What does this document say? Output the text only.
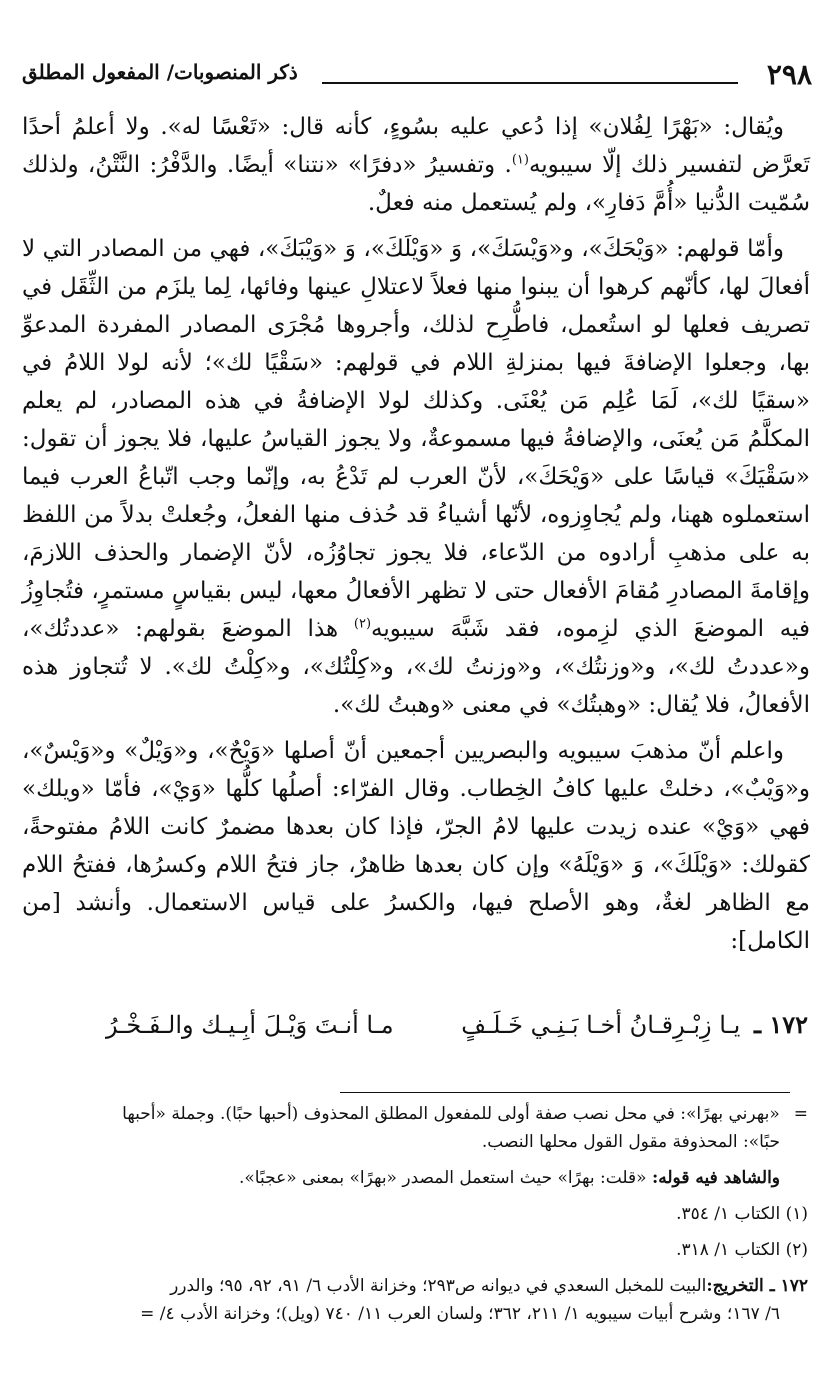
٢٩٨
ذكر المنصوبات/ المفعول المطلق

ويُقال: «بَهْرًا لِفُلان» إذا دُعي عليه بسُوءٍ، كأنه قال: «تَعْسًا له». ولا أعلمُ أحدًا تَعرَّض لتفسير ذلك إلّا سيبويه$^{(١)}$. وتفسيرُ «دفرًا» «نتنا» أيضًا. والدَّفْرُ: النَّتْنُ، ولذلك سُمّيت الدُّنيا «أُمَّ دَفارِ»، ولم يُستعمل منه فعلٌ.

وأمّا قولهم: «وَيْحَكَ»، و«وَيْسَكَ»، وَ «وَيْلَكَ»، وَ «وَيْبَكَ»، فهي من المصادر التي لا أفعالَ لها، كأنّهم كرهوا أن يبنوا منها فعلاً لاعتلالِ عينها وفائها، لِما يلزَم من الثِّقَل في تصريف فعلها لو استُعمل، فاطُّرِح لذلك، وأجروها مُجْرَى المصادر المفردة المدعوِّ بها، وجعلوا الإضافةَ فيها بمنزلةِ اللام في قولهم: «سَقْيًا لك»؛ لأنه لولا اللامُ في «سقيًا لك»، لَمَا عُلِم مَن يُعْنَى. وكذلك لولا الإضافةُ في هذه المصادر، لم يعلم المكلَّمُ مَن يُعنَى، والإضافةُ فيها مسموعةٌ، ولا يجوز القياسُ عليها، فلا يجوز أن تقول: «سَقْيَكَ» قياسًا على «وَيْحَكَ»، لأنّ العرب لم تَدْعُ به، وإنّما وجب اتّباعُ العرب فيما استعملوه ههنا، ولم يُجاوِزوه، لأنّها أشياءُ قد حُذف منها الفعلُ، وجُعلتْ بدلاً من اللفظ به على مذهبِ أرادوه من الدّعاء، فلا يجوز تجاوُزُه، لأنّ الإضمار والحذف اللازمَ، وإقامةَ المصادرِ مُقامَ الأفعال حتى لا تظهر الأفعالُ معها، ليس بقياسٍ مستمرٍ، فتُجاوِزُ فيه الموضعَ الذي لزِموه، فقد شَبَّهَ سيبويه$^{(٢)}$ هذا الموضعَ بقولهم: «عددتُك»، و«عددتُ لك»، و«وزنتُك»، و«وزنتُ لك»، و«كِلْتُك»، و«كِلْتُ لك». لا تُتجاوز هذه الأفعالُ، فلا يُقال: «وهبتُك» في معنى «وهبتُ لك».

واعلم أنّ مذهبَ سيبويه والبصريين أجمعين أنّ أصلها «وَيْحٌ»، و«وَيْلٌ» و«وَيْسٌ»، و«وَيْبٌ»، دخلتْ عليها كافُ الخِطاب. وقال الفرّاء: أصلُها كلُّها «وَيْ»، فأمّا «ويلك» فهي «وَيْ» عنده زيدت عليها لامُ الجرّ، فإذا كان بعدها مضمرٌ كانت اللامُ مفتوحةً، كقولك: «وَيْلَكَ»، وَ «وَيْلَهُ» وإن كان بعدها ظاهرٌ، جاز فتحُ اللام وكسرُها، ففتحُ اللام مع الظاهر لغةٌ، وهو الأصلح فيها، والكسرُ على قياس الاستعمال. وأنشد [من الكامل]:

١٧٢ ـ يـا زِبْـرِقـانُ أخـا بَـنِـي خَـلَـفٍ مـا أنـتَ وَيْـلَ أبِـيـك والـفَـخْـرُ
=«بهرني بهرًا»: في محل نصب صفة أولى للمفعول المطلق المحذوف (أحبها حبًا). وجملة «أحبها
حبًا»: المحذوفة مقول القول محلها النصب.
والشاهد فيه قوله: «قلت: بهرًا» حيث استعمل المصدر «بهرًا» بمعنى «عجبًا».
(١) الكتاب ١/ ٣٥٤.
(٢) الكتاب ١/ ٣١٨.
١٧٢ ـ التخريج:البيت للمخبل السعدي في ديوانه ص٢٩٣؛ وخزانة الأدب ٦/ ٩١، ٩٢، ٩٥؛ والدرر
٦/ ١٦٧؛ وشرح أبيات سيبويه ١/ ٢١١، ٣٦٢؛ ولسان العرب ١١/ ٧٤٠ (ويل)؛ وخزانة الأدب ٤/ =
